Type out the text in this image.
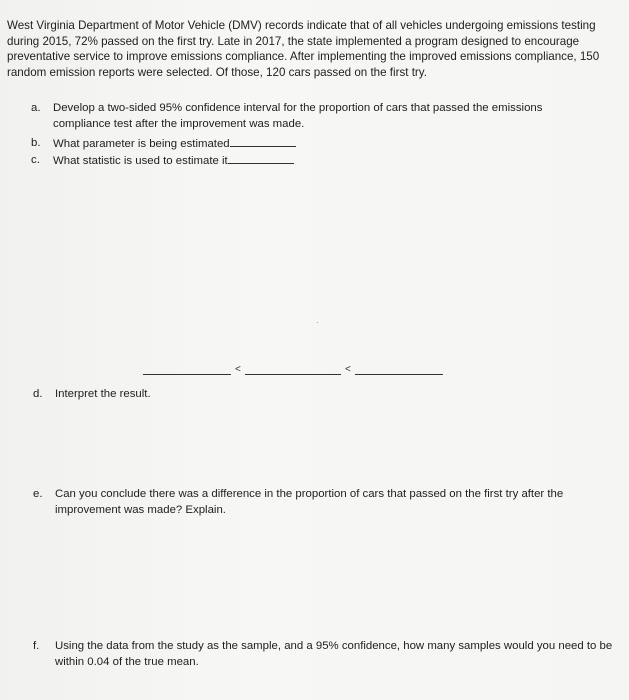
West Virginia Department of Motor Vehicle (DMV) records indicate that of all vehicles undergoing emissions testing during 2015, 72% passed on the first try. Late in 2017, the state implemented a program designed to encourage preventative service to improve emissions compliance. After implementing the improved emissions compliance, 150 random emission reports were selected. Of those, 120 cars passed on the first try.
a. Develop a two-sided 95% confidence interval for the proportion of cars that passed the emissions compliance test after the improvement was made.
b. What parameter is being estimated
c. What statistic is used to estimate it
·
<	<
d. Interpret the result.
e. Can you conclude there was a difference in the proportion of cars that passed on the first try after the improvement was made? Explain.
f. Using the data from the study as the sample, and a 95% confidence, how many samples would you need to be within 0.04 of the true mean.
